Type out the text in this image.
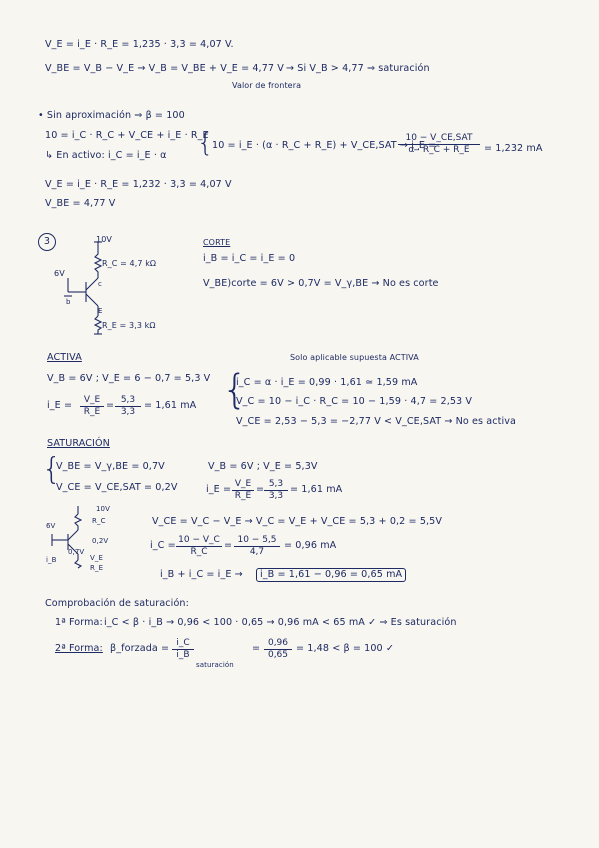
V_E = i_E · R_E = 1,235 · 3,3 = 4,07 V.
V_BE = V_B − V_E → V_B = V_BE + V_E = 4,77 V → Si V_B > 4,77 ⇒ saturación
Valor de frontera
• Sin aproximación ⇒ β = 100
10 = i_C · R_C + V_CE + i_E · R_E
↳ En activo: i_C = i_E · α {
10 = i_E · (α · R_C + R_E) + V_CE,SAT → i_E =
10 − V_CE,SAT
α · R_C + R_E	= 1,232 mA
V_E = i_E · R_E = 1,232 · 3,3 = 4,07 V
V_BE = 4,77 V
3	10V
R_C = 4,7 kΩ
6V
c
b
E
R_E = 3,3 kΩ
CORTE
i_B = i_C = i_E = 0
V_BE)corte = 6V > 0,7V = V_γ,BE → No es corte
ACTIVA	Solo aplicable supuesta ACTIVA
V_B = 6V ; V_E = 6 − 0,7 = 5,3 V
i_E = $\frac{V\_E}{R\_E} = \frac{5,3}{3,3} = 1,61$ mA {
i_C = α · i_E = 0,99 · 1,61 ≃ 1,59 mA
V_C = 10 − i_C · R_C = 10 − 1,59 · 4,7 = 2,53 V
V_CE = 2,53 − 5,3 = −2,77 V < V_CE,SAT → No es activa
SATURACIÓN
{
V_BE = V_γ,BE = 0,7V
V_CE = V_CE,SAT = 0,2V
V_B = 6V ; V_E = 5,3V
i_E = $\frac{V\_E}{R\_E} = \frac{5,3}{3,3} = 1,61$ mA
10V
6V
R_C
0,2V
0,7V
i_B	V_E
R_E
V_CE = V_C − V_E → V_C = V_E + V_CE = 5,3 + 0,2 = 5,5V
i_C = $\frac{10 - V\_C}{R\_C} = \frac{10 - 5,5}{4,7} = 0,96$ mA
i_B + i_C = i_E →	i_B = 1,61 − 0,96 = 0,65 mA
Comprobación de saturación:
1ª Forma: i_C < β · i_B → 0,96 < 100 · 0,65 → 0,96 mA < 65 mA ✓ ⇒ Es saturación
2ª Forma: β_forzada = $\frac{i\_C}{i\_B}$
saturación
= $\frac{0,96}{0,65} = 1,48 < \beta = 100$ ✓
